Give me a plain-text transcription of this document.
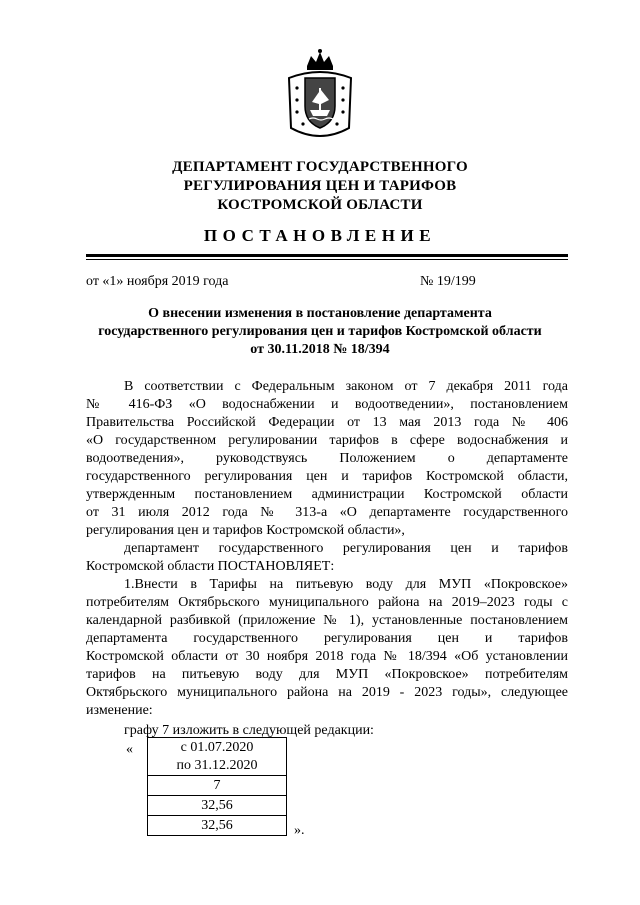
ДЕПАРТАМЕНТ ГОСУДАРСТВЕННОГО
РЕГУЛИРОВАНИЯ ЦЕН И ТАРИФОВ
КОСТРОМСКОЙ ОБЛАСТИ
ПОСТАНОВЛЕНИЕ
от «1» ноября 2019 года	№ 19/199
О внесении изменения в постановление департамента
государственного регулирования цен и тарифов Костромской области
от 30.11.2018 № 18/394
В соответствии с Федеральным законом от 7 декабря 2011 года
№ 416-ФЗ «О водоснабжении и водоотведении», постановлением
Правительства Российской Федерации от 13 мая 2013 года № 406
«О государственном регулировании тарифов в сфере водоснабжения и
водоотведения», руководствуясь Положением о департаменте
государственного регулирования цен и тарифов Костромской области,
утвержденным постановлением администрации Костромской области
от 31 июля 2012 года № 313-а «О департаменте государственного
регулирования цен и тарифов Костромской области»,
департамент государственного регулирования цен и тарифов
Костромской области ПОСТАНОВЛЯЕТ:
1.Внести в Тарифы на питьевую воду для МУП «Покровское»
потребителям Октябрьского муниципального района на 2019–2023 годы с
календарной разбивкой (приложение № 1), установленные постановлением
департамента государственного регулирования цен и тарифов
Костромской области от 30 ноября 2018 года № 18/394 «Об установлении
тарифов на питьевую воду для МУП «Покровское» потребителям
Октябрьского муниципального района на 2019 - 2023 годы», следующее
изменение:
графу 7 изложить в следующей редакции:
«	с 01.07.2020
по 31.12.2020

7
32,56
32,56	».
